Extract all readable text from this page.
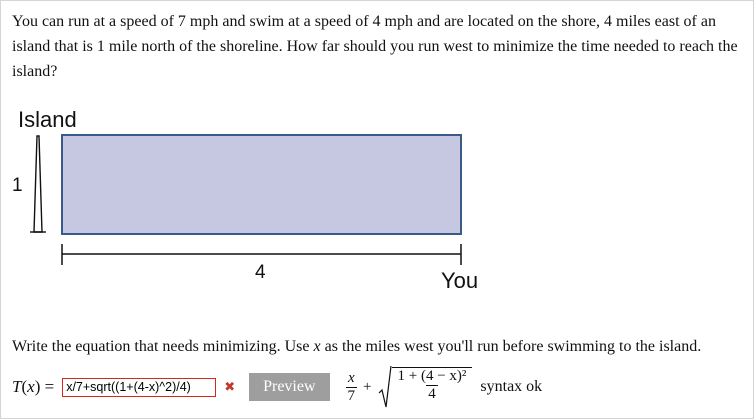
You can run at a speed of 7 mph and swim at a speed of 4 mph and are located on the shore, 4 miles east of an island that is 1 mile north of the shoreline. How far should you run west to minimize the time needed to reach the island?

Island
1
4	You

Write the equation that needs minimizing. Use x as the miles west you'll run before swimming to the island.

T(x) =
x/7+sqrt((1+(4-x)^2)/4)	✖	Preview	$\frac{x}{7} + \frac{\text{1 + (4 − x)²}}{4}$ syntax ok
